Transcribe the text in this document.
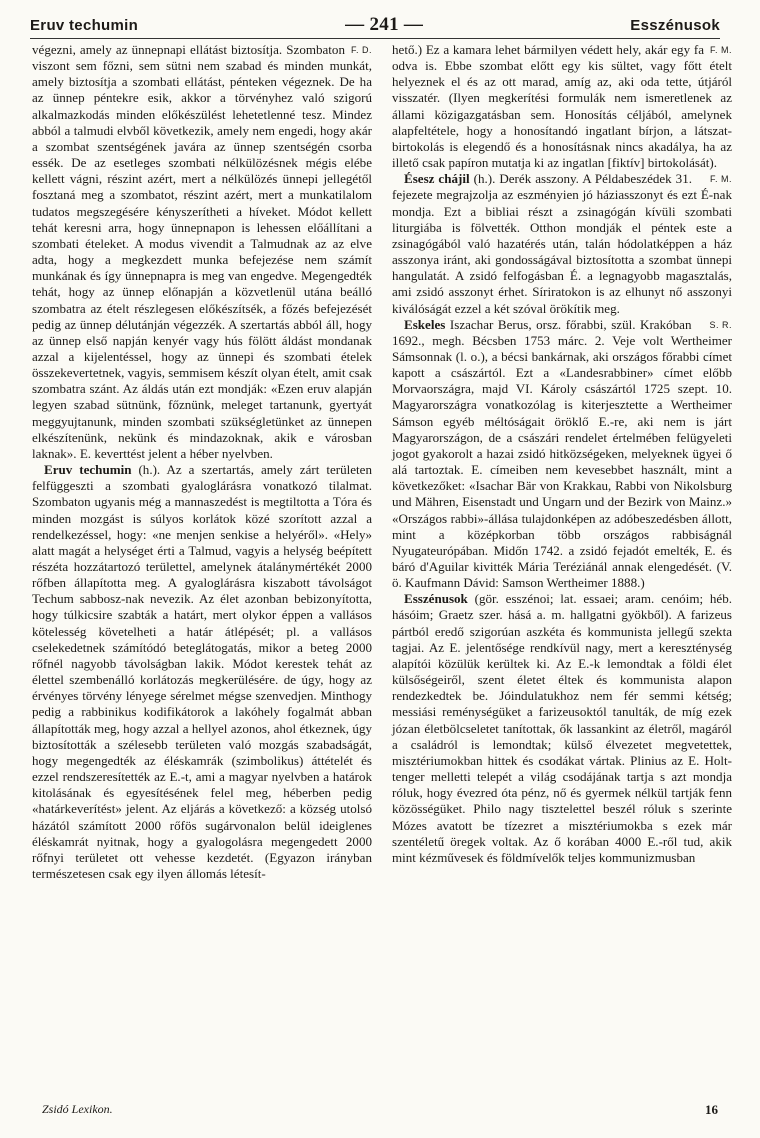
Eruv techumin	— 241 —	Esszénusok

F. D.
végezni, amely az ünnepnapi ellátást biztosítja. Szombaton viszont sem főzni, sem sütni nem szabad és minden munkát, amely biztosítja a szombati ellátást, pénteken végeznek. De ha az ünnep péntekre esik, akkor a törvényhez való szigorú alkalmazkodás minden előkészülést lehetetlenné tesz. Mindez abból a talmudi elvből következik, amely nem engedi, hogy akár a szombat szentségének javára az ünnep szentségén csorba essék. De az esetleges szombati nélkülözésnek mégis elébe kellett vágni, részint azért, mert a nélkülözés ünnepi jellegétől fosztaná meg a szombatot, részint azért, mert a munkatilalom tudatos megszegésére kényszerítheti a híveket. Módot kellett tehát keresni arra, hogy ünnepnapon is lehessen előállítani a szombati ételeket. A modus vivendit a Talmudnak az az elve adta, hogy a megkezdett munka befejezése nem számít munkának és így ünnepnapra is meg van engedve. Megengedték tehát, hogy az ünnep előnapján a közvetlenül utána beálló szombatra az ételt részlegesen előkészítsék, a főzés befejezését pedig az ünnep délutánján végezzék. A szertartás abból áll, hogy az ünnep első napján kenyér vagy hús fölött áldást mondanak azzal a kijelentéssel, hogy az ünnepi és szombati ételek összekevertetnek, vagyis, semmisem készít olyan ételt, amit csak szombatra szánt. Az áldás után ezt mondják: «Ezen eruv alapján legyen szabad sütnünk, főznünk, meleget tartanunk, gyertyát meggyujtanunk, minden szombati szükségletünket az ünnepen elkészítenünk, nekünk és mindazoknak, akik e városban laknak». E. keverttést jelent a héber nyelvben.

Eruv techumin (h.). Az a szertartás, amely zárt területen felfüggeszti a szombati gyaloglárásra vonatkozó tilalmat. Szombaton ugyanis még a mannaszedést is megtiltotta a Tóra és minden mozgást is súlyos korlátok közé szorított azzal a rendelkezéssel, hogy: «ne menjen senkise a helyéről». «Hely» alatt magát a helységet érti a Talmud, vagyis a helység beépített részéta hozzátartozó területtel, amelynek átalánymértékét 2000 rőfben állapította meg. A gyaloglárásra kiszabott távolságot Techum sabbosz-nak nevezik. Az élet azonban bebizonyította, hogy túlkicsire szabták a határt, mert olykor éppen a vallásos kötelesség követelheti a határ átlépését; pl. a vallásos cselekedetnek számítódó beteglátogatás, mikor a beteg 2000 rőfnél nagyobb távolságban lakik. Módot kerestek tehát az élettel szembenálló korlátozás megkerülésére. de úgy, hogy az érvényes törvény lényege sérelmet mégse szenvedjen. Minthogy pedig a rabbinikus kodifikátorok a lakóhely fogalmát abban állapították meg, hogy azzal a hellyel azonos, ahol étkeznek, úgy biztosították a szélesebb területen való mozgás szabadságát, hogy megengedték az éléskamrák (szimbolikus) áttételét és ezzel rendszeresítették az E.-t, ami a magyar nyelvben a határok kitolásának és egyesítésének felel meg, héberben pedig «határkeverítést» jelent. Az eljárás a következő: a község utolsó házától számított 2000 rőfös sugárvonalon belül ideiglenes éléskamrát nyitnak, hogy a gyalogolásra megengedett 2000 rőfnyi területet ott vehesse kezdetét. (Egyazon irányban természetesen csak egy ilyen állomás létesít-

F. M.
hető.) Ez a kamara lehet bármilyen védett hely, akár egy fa odva is. Ebbe szombat előtt egy kis sültet, vagy főtt ételt helyeznek el és az ott marad, amíg az, aki oda tette, útjáról visszatér. (Ilyen megkerítési formulák nem ismeretlenek az állami közigazgatásban sem. Honosítás céljából, amelynek alapfeltétele, hogy a honosítandó ingatlant bírjon, a látszat-birtokolás is elegendő és a honosításnak nincs akadálya, ha az illető csak papíron mutatja ki az ingatlan [fiktív] birtokolását).

F. M.
Ésesz chájil (h.). Derék asszony. A Példabeszédek 31. fejezete megrajzolja az eszményien jó háziasszonyt és ezt É-nak mondja. Ezt a bibliai részt a zsinagógán kívüli szombati liturgiába is fölvették. Otthon mondják el péntek este a zsinagógából való hazatérés után, talán hódolatképpen a ház asszonya iránt, aki gondosságával biztosította a szombat ünnepi hangulatát. A zsidó felfogásban É. a legnagyobb magasztalás, ami zsidó asszonyt érhet. Síriratokon is az elhunyt nő asszonyi kiválóságát ezzel a két szóval örökítik meg.

S. R.
Eskeles Iszachar Berus, orsz. főrabbi, szül. Krakóban 1692., megh. Bécsben 1753 márc. 2. Veje volt Wertheimer Sámsonnak (l. o.), a bécsi bankárnak, aki országos főrabbi címet kapott a császártól. Ezt a «Landesrabbiner» címet előbb Morvaországra, majd VI. Károly császártól 1725 szept. 10. Magyarországra vonatkozólag is kiterjesztette a Wertheimer Sámson egyéb méltóságait öröklő E.-re, aki nem is járt Magyarországon, de a császári rendelet értelmében felügyeleti jogot gyakorolt a hazai zsidó hitközségeken, melyeknek ügyei ő alá tartoztak. E. címeiben nem kevesebbet használt, mint a következőket: «Isachar Bär von Krakkau, Rabbi von Nikolsburg und Mähren, Eisenstadt und Ungarn und der Bezirk von Mainz.» «Országos rabbi»-állása tulajdonképen az adóbeszedésben állott, mint a középkorban több országos rabbiságnál Nyugateurópában. Midőn 1742. a zsidó fejadót emelték, E. és báró d'Aguilar kivitték Mária Teréziánál annak elengedését. (V. ö. Kaufmann Dávid: Samson Wertheimer 1888.)

Esszénusok (gör. esszénoi; lat. essaei; aram. cenóim; héb. hásóim; Graetz szer. hásá a. m. hallgatni gyökből). A farizeus pártból eredő szigorúan aszkéta és kommunista jellegű szekta tagjai. Az E. jelentősége rendkívül nagy, mert a kereszténység alapítói közülük kerültek ki. Az E.-k lemondtak a földi élet külsőségeiről, szent életet éltek és kommunista alapon rendezkedtek be. Jóindulatukhoz nem fér semmi kétség; messiási reménységüket a farizeusoktól tanulták, de míg ezek józan életbölcseletet tanítottak, ők lassankint az életről, magáról a családról is lemondtak; külső élvezetet megvetettek, misztériumokban hittek és csodákat vártak. Plinius az E. Holt-tenger melletti telepét a világ csodájának tartja s azt mondja róluk, hogy évezred óta pénz, nő és gyermek nélkül tartják fenn közösségüket. Philo nagy tisztelettel beszél róluk s szerinte Mózes avatott be tízezret a misztériumokba s ezek már szentéletű öregek voltak. Az ő korában 4000 E.-ről tud, akik mint kézművesek és földmívelők teljes kommunizmusban

Zsidó Lexikon.	16
